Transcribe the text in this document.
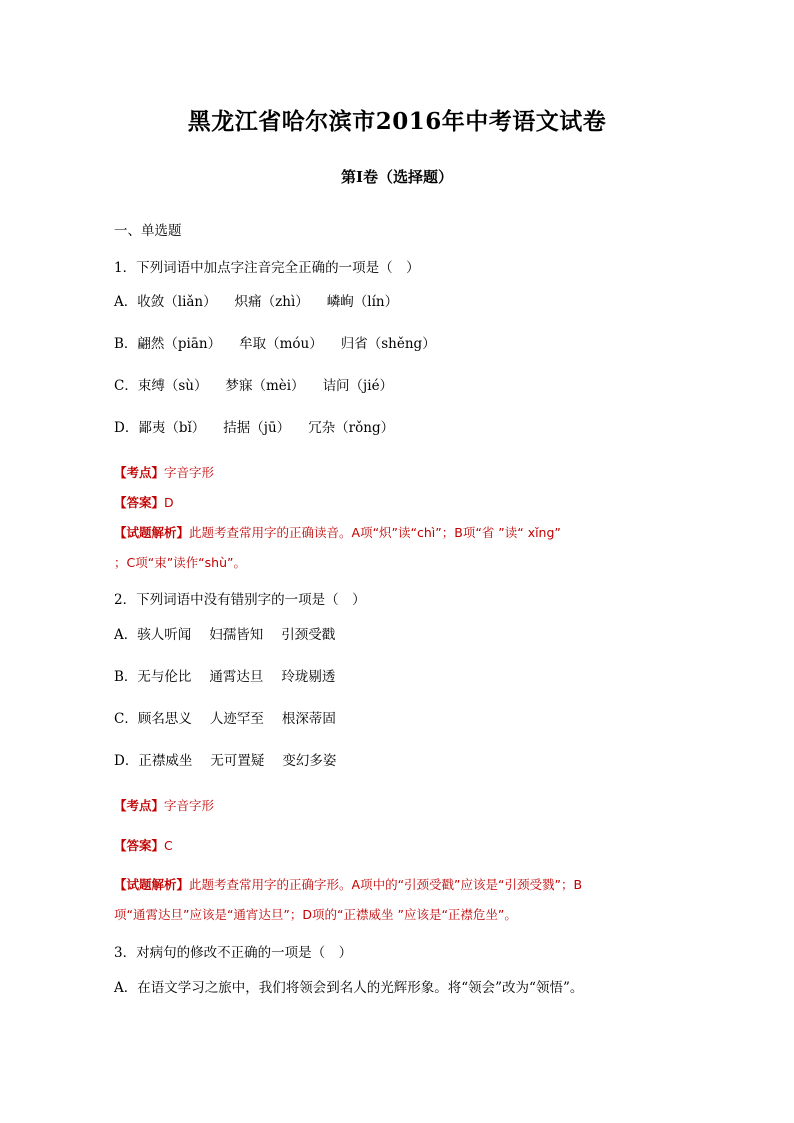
黑龙江省哈尔滨市2016年中考语文试卷
第I卷（选择题）
一、单选题
1．下列词语中加点字注音完全正确的一项是（　）
A．收敛（liǎn） 炽痛（zhì） 嶙峋（lín）
B．翩然（piān） 牟取（móu） 归省（shěng）
C．束缚（sù） 梦寐（mèi） 诘问（jié）
D．鄙夷（bǐ） 拮据（jū） 冗杂（rǒng）
【考点】字音字形
【答案】D
【试题解析】此题考查常用字的正确读音。A项“炽”读“chì”；B项“省 ”读“ xǐng”
；C项“束”读作“shù”。
2．下列词语中没有错别字的一项是（　）
A．骇人听闻 妇孺皆知 引颈受戳
B．无与伦比 通霄达旦 玲珑剔透
C．顾名思义 人迹罕至 根深蒂固
D．正襟威坐 无可置疑 变幻多姿
【考点】字音字形
【答案】C
【试题解析】此题考查常用字的正确字形。A项中的“引颈受戳”应该是“引颈受戮”；B
项“通霄达旦”应该是“通宵达旦”；D项的“正襟威坐 ”应该是“正襟危坐”。
3．对病句的修改不正确的一项是（　）
A．在语文学习之旅中，我们将领会到名人的光辉形象。将“领会”改为“领悟”。
